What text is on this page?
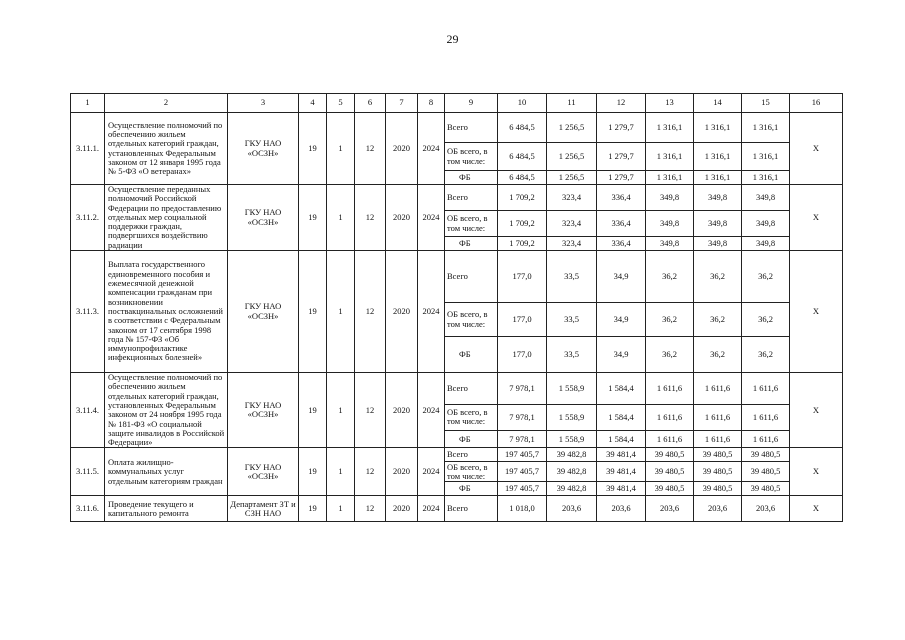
29
1	2	3	4	5	6	7	8	9	10	11	12	13	14	15	16
3.11.1.	Осуществление полномочий по обеспечению жильем отдельных категорий граждан, установленных Федеральным законом от 12 января 1995 года № 5-ФЗ «О ветеранах»	ГКУ НАО «ОСЗН»	19	1	12	2020	2024	Всего	6 484,5	1 256,5	1 279,7	1 316,1	1 316,1	1 316,1	Х
								ОБ всего, в том числе:	6 484,5	1 256,5	1 279,7	1 316,1	1 316,1	1 316,1	
								ФБ	6 484,5	1 256,5	1 279,7	1 316,1	1 316,1	1 316,1	
3.11.2.	Осуществление переданных полномочий Российской Федерации по предоставлению отдельных мер социальной поддержки граждан, подвергшихся воздействию радиации	ГКУ НАО «ОСЗН»	19	1	12	2020	2024	Всего	1 709,2	323,4	336,4	349,8	349,8	349,8	Х
								ОБ всего, в том числе:	1 709,2	323,4	336,4	349,8	349,8	349,8	
								ФБ	1 709,2	323,4	336,4	349,8	349,8	349,8	
3.11.3.	Выплата государственного единовременного пособия и ежемесячной денежной компенсации гражданам при возникновении поствакцинальных осложнений в соответствии с Федеральным законом от 17 сентября 1998 года № 157-ФЗ «Об иммунопрофилактике инфекционных болезней»	ГКУ НАО «ОСЗН»	19	1	12	2020	2024	Всего	177,0	33,5	34,9	36,2	36,2	36,2	Х
								ОБ всего, в том числе:	177,0	33,5	34,9	36,2	36,2	36,2	
								ФБ	177,0	33,5	34,9	36,2	36,2	36,2	
3.11.4.	Осуществление полномочий по обеспечению жильем отдельных категорий граждан, установленных Федеральным законом от 24 ноября 1995 года № 181-ФЗ «О социальной защите инвалидов в Российской Федерации»	ГКУ НАО «ОСЗН»	19	1	12	2020	2024	Всего	7 978,1	1 558,9	1 584,4	1 611,6	1 611,6	1 611,6	Х
								ОБ всего, в том числе:	7 978,1	1 558,9	1 584,4	1 611,6	1 611,6	1 611,6	
								ФБ	7 978,1	1 558,9	1 584,4	1 611,6	1 611,6	1 611,6	
3.11.5.	Оплата жилищно-коммунальных услуг отдельным категориям граждан	ГКУ НАО «ОСЗН»	19	1	12	2020	2024	Всего	197 405,7	39 482,8	39 481,4	39 480,5	39 480,5	39 480,5	Х
								ОБ всего, в том числе:	197 405,7	39 482,8	39 481,4	39 480,5	39 480,5	39 480,5	
								ФБ	197 405,7	39 482,8	39 481,4	39 480,5	39 480,5	39 480,5	
3.11.6.	Проведение текущего и капитального ремонта	Департамент ЗТ и СЗН НАО	19	1	12	2020	2024	Всего	1 018,0	203,6	203,6	203,6	203,6	203,6	Х
